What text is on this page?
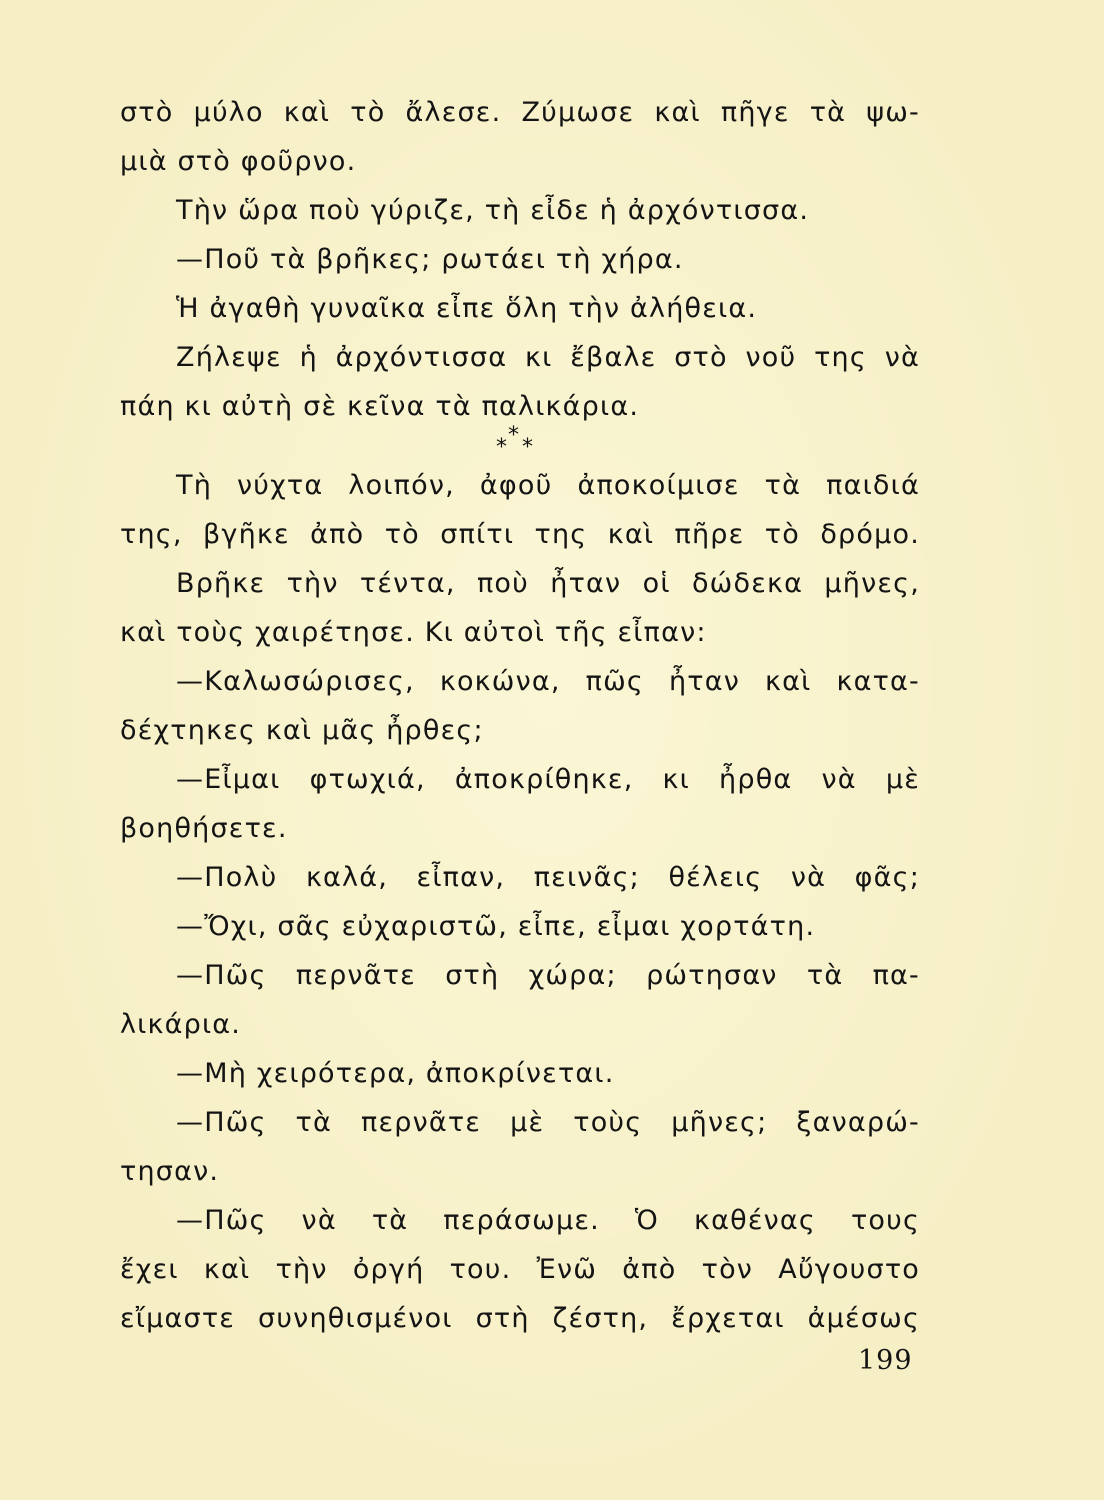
στὸ μύλο καὶ τὸ ἄλεσε. Ζύμωσε καὶ πῆγε τὰ ψω-
μιὰ στὸ φοῦρνο.
Τὴν ὥρα ποὺ γύριζε, τὴ εἶδε ἡ ἀρχόντισσα.
—Ποῦ τὰ βρῆκες; ρωτάει τὴ χήρα.
Ἡ ἀγαθὴ γυναῖκα εἶπε ὅλη τὴν ἀλήθεια.
Ζήλεψε ἡ ἀρχόντισσα κι ἔβαλε στὸ νοῦ της νὰ
πάη κι αὐτὴ σὲ κεῖνα τὰ παλικάρια.
*
* *
Τὴ νύχτα λοιπόν, ἀφοῦ ἀποκοίμισε τὰ παιδιά
της, βγῆκε ἀπὸ τὸ σπίτι της καὶ πῆρε τὸ δρόμο.
Βρῆκε τὴν τέντα, ποὺ ἦταν οἱ δώδεκα μῆνες,
καὶ τοὺς χαιρέτησε. Κι αὐτοὶ τῆς εἶπαν:
—Καλωσώρισες, κοκώνα, πῶς ἦταν καὶ κατα-
δέχτηκες καὶ μᾶς ἦρθες;
—Εἶμαι φτωχιά, ἀποκρίθηκε, κι ἦρθα νὰ μὲ
βοηθήσετε.
—Πολὺ καλά, εἶπαν, πεινᾶς; θέλεις νὰ φᾶς;
—Ὄχι, σᾶς εὐχαριστῶ, εἶπε, εἶμαι χορτάτη.
—Πῶς περνᾶτε στὴ χώρα; ρώτησαν τὰ πα-
λικάρια.
—Μὴ χειρότερα, ἀποκρίνεται.
—Πῶς τὰ περνᾶτε μὲ τοὺς μῆνες; ξαναρώ-
τησαν.
—Πῶς νὰ τὰ περάσωμε. Ὁ καθένας τους
ἔχει καὶ τὴν ὀργή του. Ἐνῶ ἀπὸ τὸν Αὔγουστο
εἴμαστε συνηθισμένοι στὴ ζέστη, ἔρχεται ἀμέσως
199
